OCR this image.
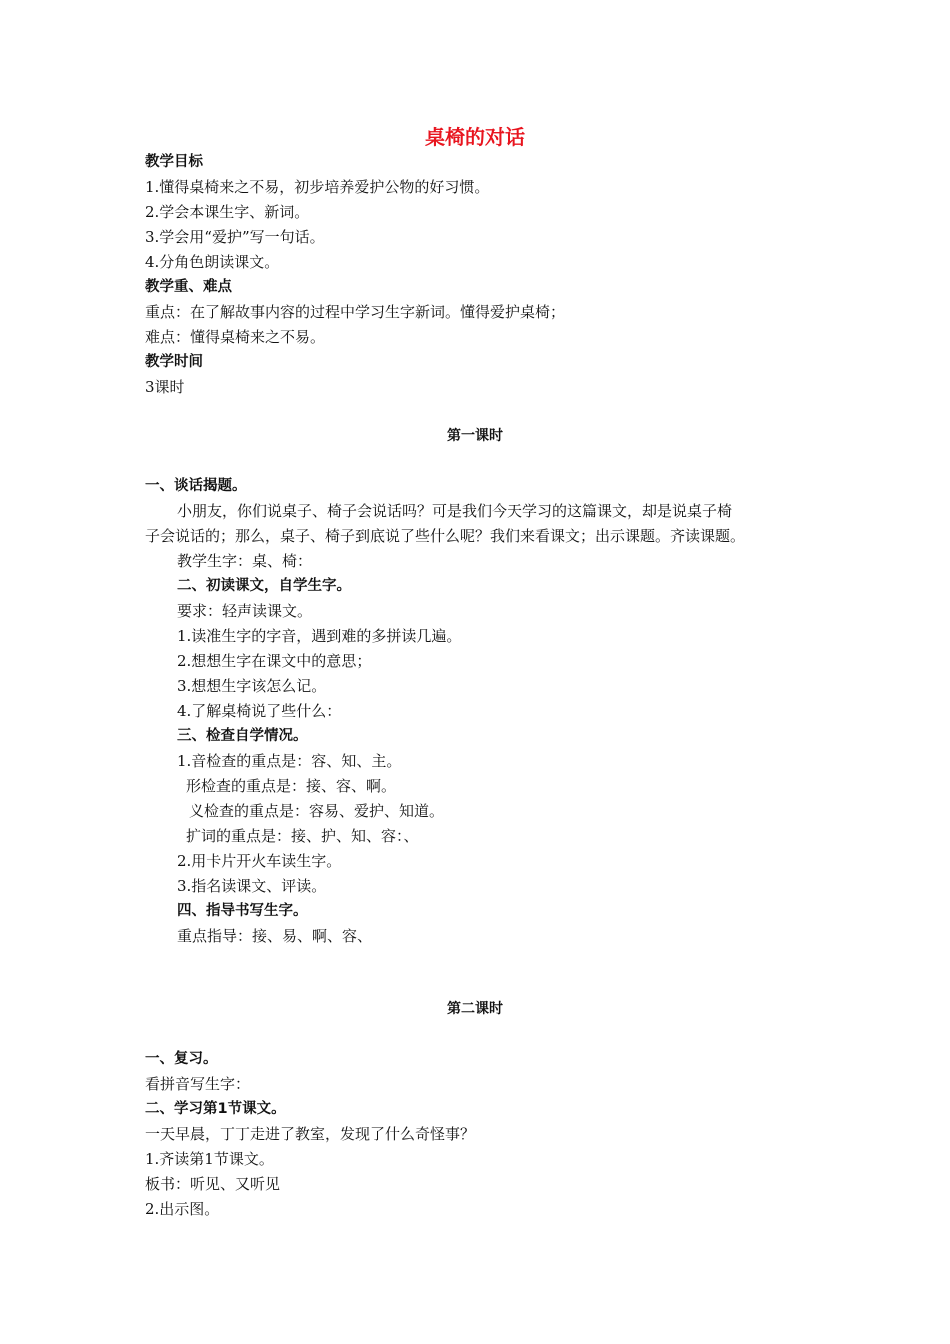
桌椅的对话
教学目标
1.懂得桌椅来之不易，初步培养爱护公物的好习惯。
2.学会本课生字、新词。
3.学会用“爱护”写一句话。
4.分角色朗读课文。
教学重、难点
重点：在了解故事内容的过程中学习生字新词。懂得爱护桌椅；
难点：懂得桌椅来之不易。
教学时间
3课时
第一课时
一、谈话揭题。
小朋友，你们说桌子、椅子会说话吗？可是我们今天学习的这篇课文，却是说桌子椅
子会说话的；那么，桌子、椅子到底说了些什么呢？我们来看课文；出示课题。齐读课题。
教学生字：桌、椅：
二、初读课文，自学生字。
要求：轻声读课文。
1.读准生字的字音，遇到难的多拼读几遍。
2.想想生字在课文中的意思；
3.想想生字该怎么记。
4.了解桌椅说了些什么：
三、检查自学情况。
1.音检查的重点是：容、知、主。
形检查的重点是：接、容、啊。
义检查的重点是：容易、爱护、知道。
扩词的重点是：接、护、知、容：、
2.用卡片开火车读生字。
3.指名读课文、评读。
四、指导书写生字。
重点指导：接、易、啊、容、
第二课时
一、复习。
看拼音写生字：
二、学习第1节课文。
一天早晨，丁丁走进了教室，发现了什么奇怪事？
1.齐读第1节课文。
板书：听见、又听见
2.出示图。
